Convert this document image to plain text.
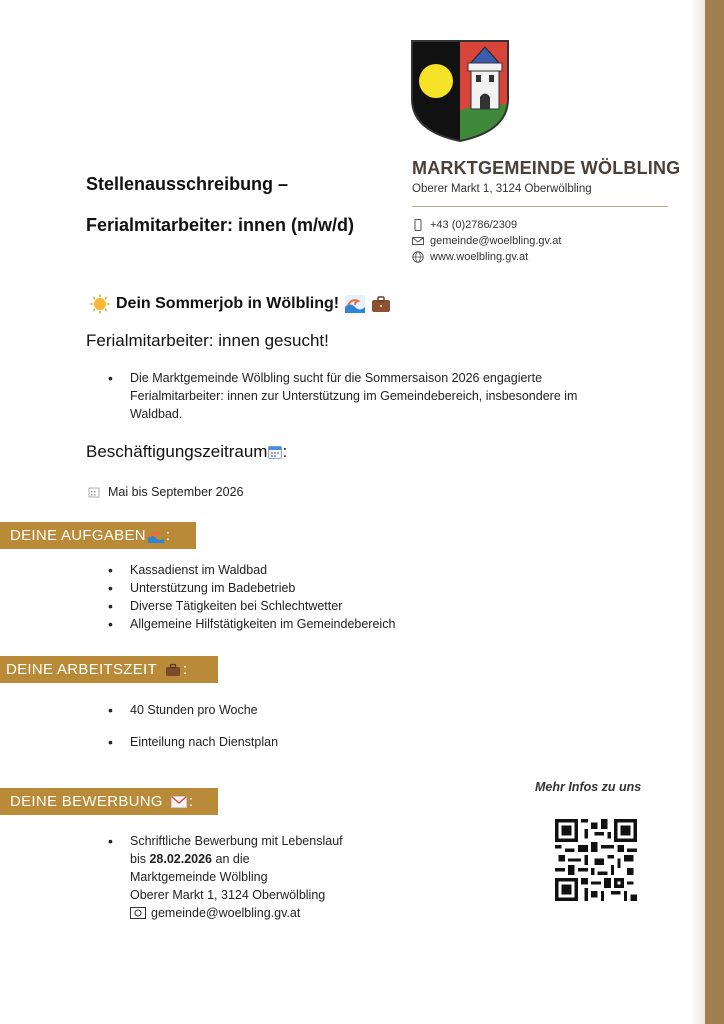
MARKTGEMEINDE WÖLBLING
Oberer Markt 1, 3124 Oberwölbling
+43 (0)2786/2309
gemeinde@woelbling.gv.at
www.woelbling.gv.at
Stellenausschreibung –
Ferialmitarbeiter: innen (m/w/d)
Dein Sommerjob in Wölbling!
Ferialmitarbeiter: innen gesucht!
• Die Marktgemeinde Wölbling sucht für die Sommersaison 2026 engagierte Ferialmitarbeiter: innen zur Unterstützung im Gemeindebereich, insbesondere im Waldbad.
Beschäftigungszeitraum :
Mai bis September 2026
DEINE AUFGABEN :
• Kassadienst im Waldbad
• Unterstützung im Badebetrieb
• Diverse Tätigkeiten bei Schlechtwetter
• Allgemeine Hilfstätigkeiten im Gemeindebereich
DEINE ARBEITSZEIT :
• 40 Stunden pro Woche
• Einteilung nach Dienstplan
DEINE BEWERBUNG :
• Schriftliche Bewerbung mit Lebenslauf
bis 28.02.2026 an die
Marktgemeinde Wölbling
Oberer Markt 1, 3124 Oberwölbling
gemeinde@woelbling.gv.at
Mehr Infos zu uns
